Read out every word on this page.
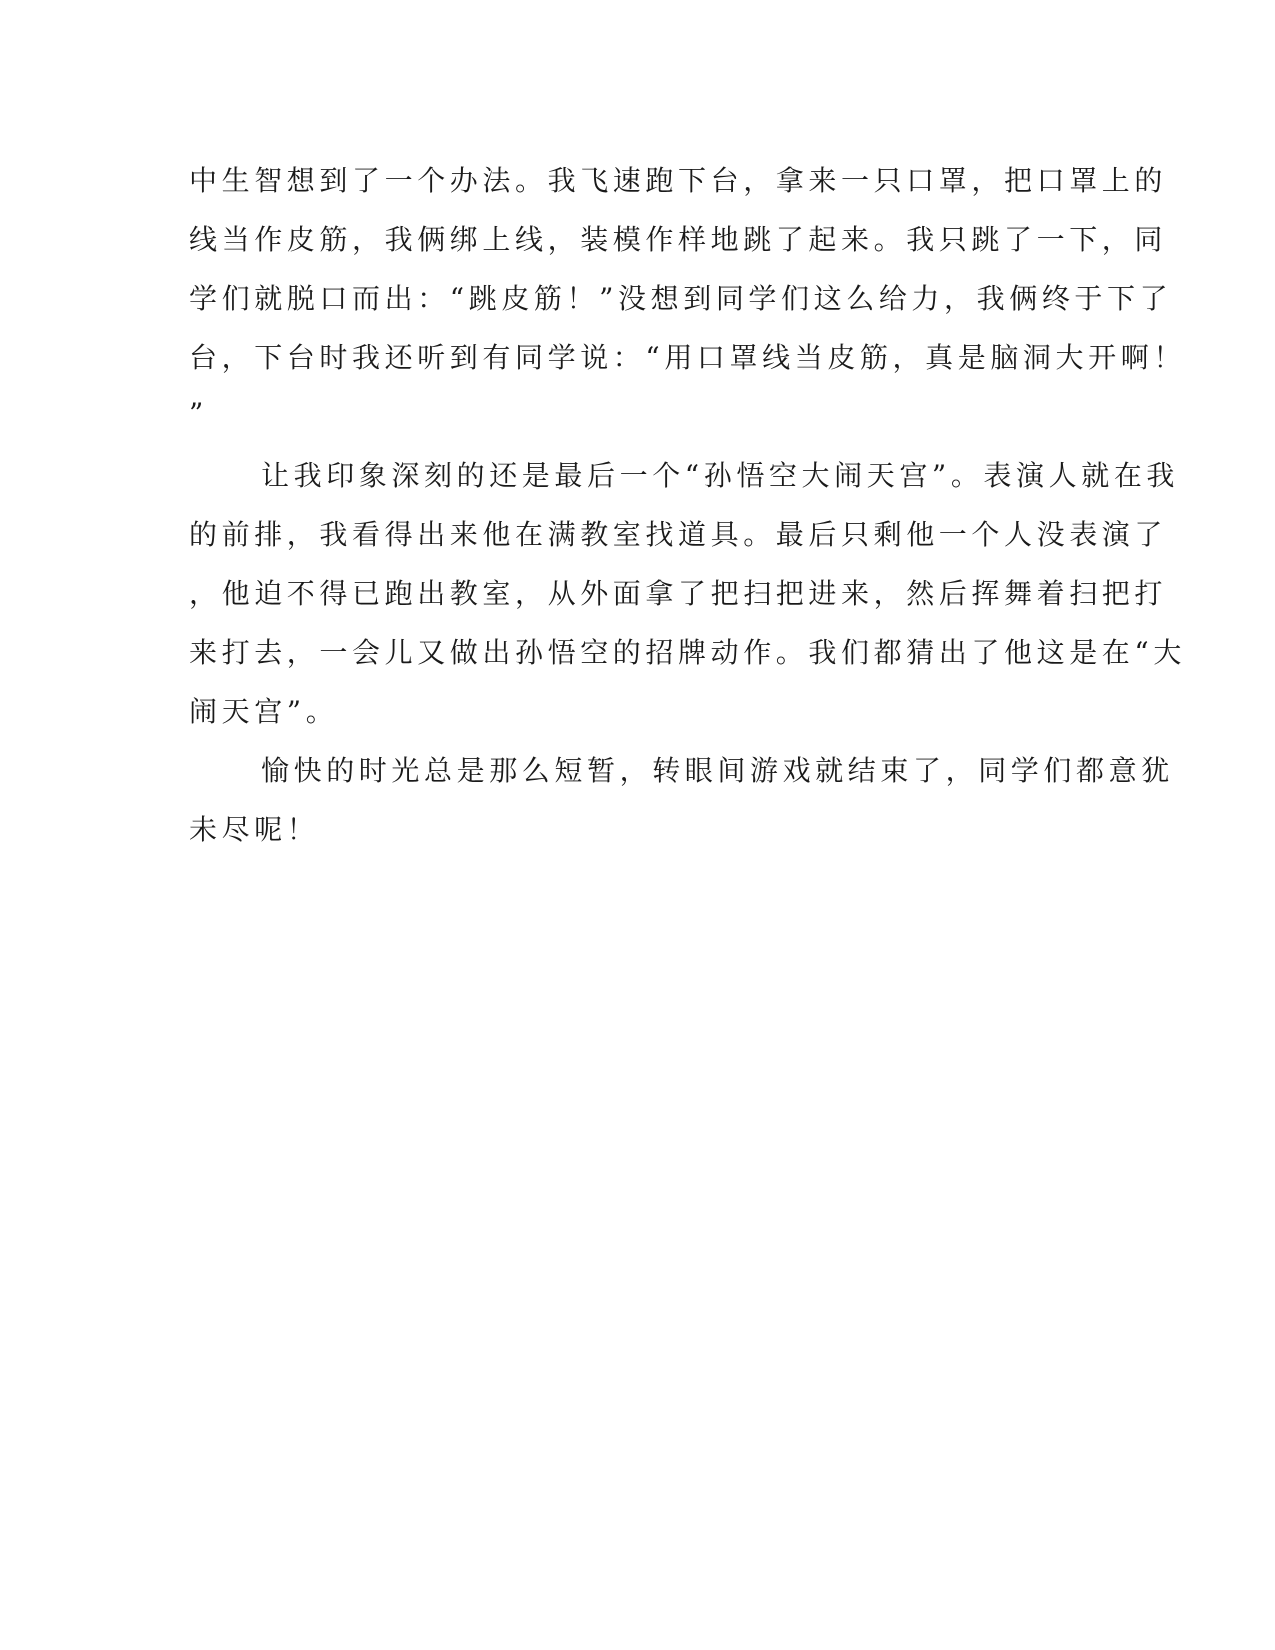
中生智想到了一个办法。我飞速跑下台，拿来一只口罩，把口罩上的
线当作皮筋，我俩绑上线，装模作样地跳了起来。我只跳了一下，同
学们就脱口而出：“跳皮筋！”没想到同学们这么给力，我俩终于下了
台，下台时我还听到有同学说：“用口罩线当皮筋，真是脑洞大开啊！
”
让我印象深刻的还是最后一个“孙悟空大闹天宫”。表演人就在我
的前排，我看得出来他在满教室找道具。最后只剩他一个人没表演了
，他迫不得已跑出教室，从外面拿了把扫把进来，然后挥舞着扫把打
来打去，一会儿又做出孙悟空的招牌动作。我们都猜出了他这是在“大
闹天宫”。
愉快的时光总是那么短暂，转眼间游戏就结束了，同学们都意犹
未尽呢！
